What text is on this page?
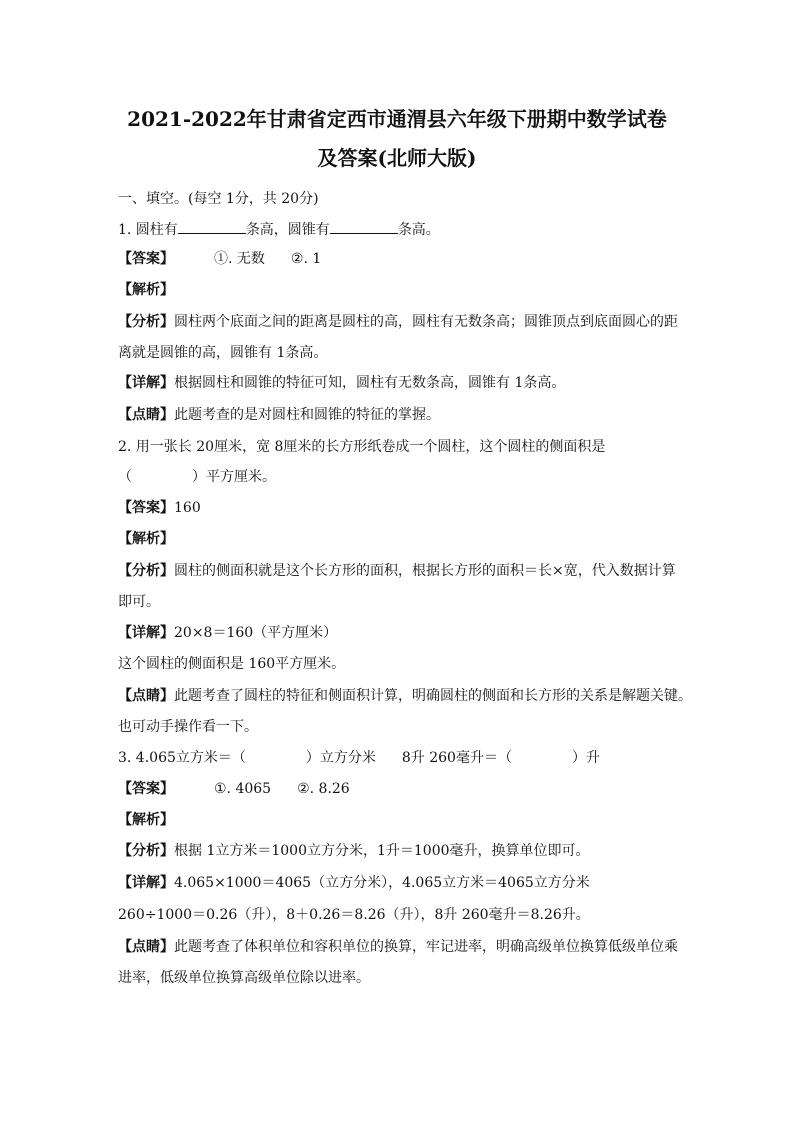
2021-2022年甘肃省定西市通渭县六年级下册期中数学试卷
及答案(北师大版)
一、填空。(每空 1分，共 20分)
1. 圆柱有	条高，圆锥有	条高。
【答案】	①. 无数 ②. 1
【解析】
【分析】圆柱两个底面之间的距离是圆柱的高，圆柱有无数条高；圆锥顶点到底面圆心的距
离就是圆锥的高，圆锥有 1条高。
【详解】根据圆柱和圆锥的特征可知，圆柱有无数条高，圆锥有 1条高。
【点睛】此题考查的是对圆柱和圆锥的特征的掌握。
2. 用一张长 20厘米，宽 8厘米的长方形纸卷成一个圆柱，这个圆柱的侧面积是
（	）平方厘米。
【答案】160
【解析】
【分析】圆柱的侧面积就是这个长方形的面积，根据长方形的面积＝长×宽，代入数据计算
即可。
【详解】20×8＝160（平方厘米）
这个圆柱的侧面积是 160平方厘米。
【点睛】此题考查了圆柱的特征和侧面积计算，明确圆柱的侧面和长方形的关系是解题关键。
也可动手操作看一下。
3. 4.065立方米＝（	）立方分米 8升 260毫升＝（	）升
【答案】	①. 4065 ②. 8.26
【解析】
【分析】根据 1立方米＝1000立方分米，1升＝1000毫升，换算单位即可。
【详解】4.065×1000＝4065（立方分米），4.065立方米＝4065立方分米
260÷1000＝0.26（升），8＋0.26＝8.26（升），8升 260毫升＝8.26升。
【点睛】此题考查了体积单位和容积单位的换算，牢记进率，明确高级单位换算低级单位乘
进率，低级单位换算高级单位除以进率。
